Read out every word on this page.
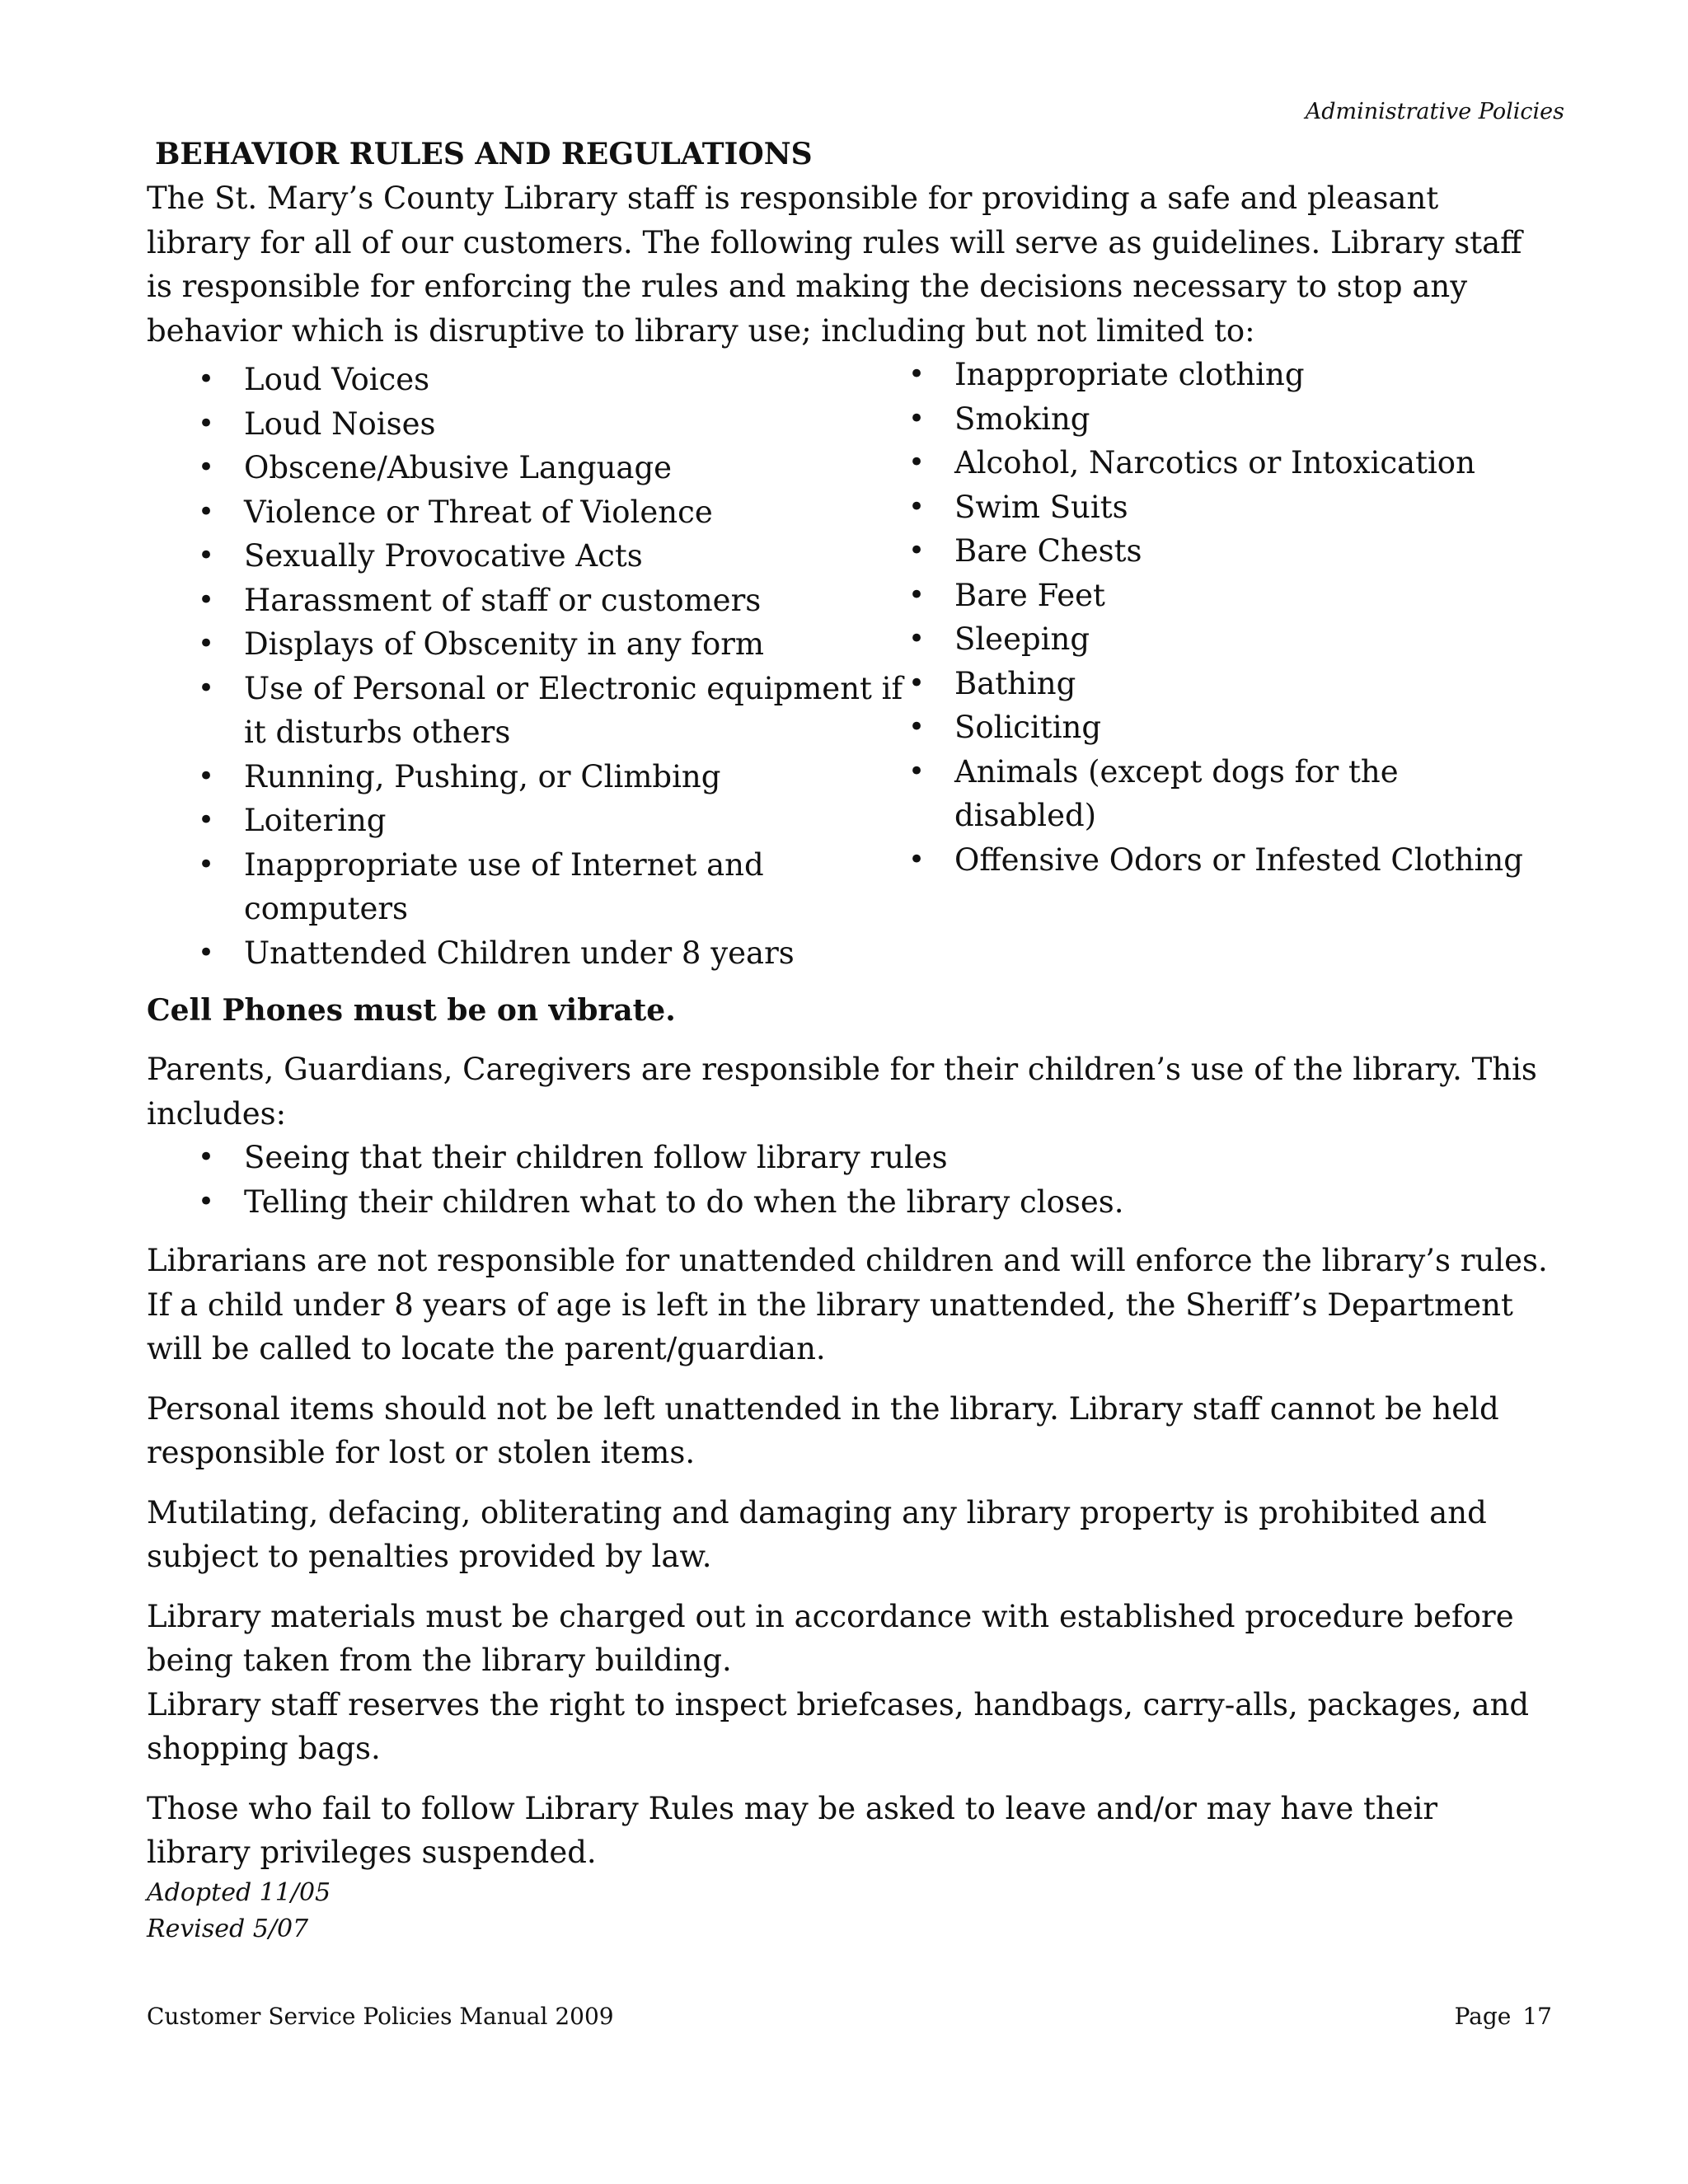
Administrative Policies
BEHAVIOR RULES AND REGULATIONS

The St. Mary’s County Library staff is responsible for providing a safe and pleasant library for all of our customers. The following rules will serve as guidelines. Library staff is responsible for enforcing the rules and making the decisions necessary to stop any behavior which is disruptive to library use; including but not limited to:

• Loud Voices
• Loud Noises
• Obscene/Abusive Language
• Violence or Threat of Violence
• Sexually Provocative Acts
• Harassment of staff or customers
• Displays of Obscenity in any form
• Use of Personal or Electronic equipment if it disturbs others
• Running, Pushing, or Climbing
• Loitering
• Inappropriate use of Internet and computers
• Unattended Children under 8 years
• Inappropriate clothing
• Smoking
• Alcohol, Narcotics or Intoxication
• Swim Suits
• Bare Chests
• Bare Feet
• Sleeping
• Bathing
• Soliciting
• Animals (except dogs for the disabled)
• Offensive Odors or Infested Clothing
Cell Phones must be on vibrate.

Parents, Guardians, Caregivers are responsible for their children’s use of the library. This includes:

• Seeing that their children follow library rules
• Telling their children what to do when the library closes.

Librarians are not responsible for unattended children and will enforce the library’s rules. If a child under 8 years of age is left in the library unattended, the Sheriff’s Department will be called to locate the parent/guardian.

Personal items should not be left unattended in the library. Library staff cannot be held responsible for lost or stolen items.

Mutilating, defacing, obliterating and damaging any library property is prohibited and subject to penalties provided by law.

Library materials must be charged out in accordance with established procedure before being taken from the library building.

Library staff reserves the right to inspect briefcases, handbags, carry-alls, packages, and shopping bags.

Those who fail to follow Library Rules may be asked to leave and/or may have their library privileges suspended.

Adopted 11/05

Revised 5/07

Customer Service Policies Manual 2009	Page 17
